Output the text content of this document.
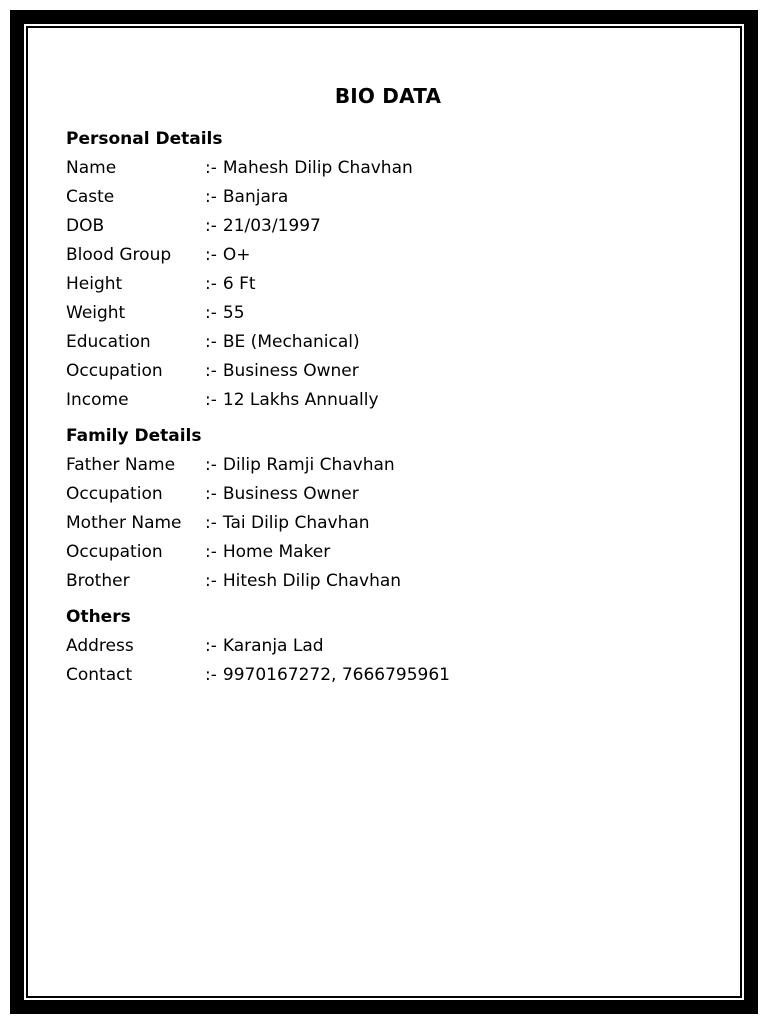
BIO DATA
Personal Details
Name	:- Mahesh Dilip Chavhan
Caste	:- Banjara
DOB	:- 21/03/1997
Blood Group	:- O+
Height	:- 6 Ft
Weight	:- 55
Education	:- BE (Mechanical)
Occupation	:- Business Owner
Income	:- 12 Lakhs Annually
Family Details
Father Name	:- Dilip Ramji Chavhan
Occupation	:- Business Owner
Mother Name	:- Tai Dilip Chavhan
Occupation	:- Home Maker
Brother	:- Hitesh Dilip Chavhan
Others
Address	:- Karanja Lad
Contact	:- 9970167272, 7666795961
